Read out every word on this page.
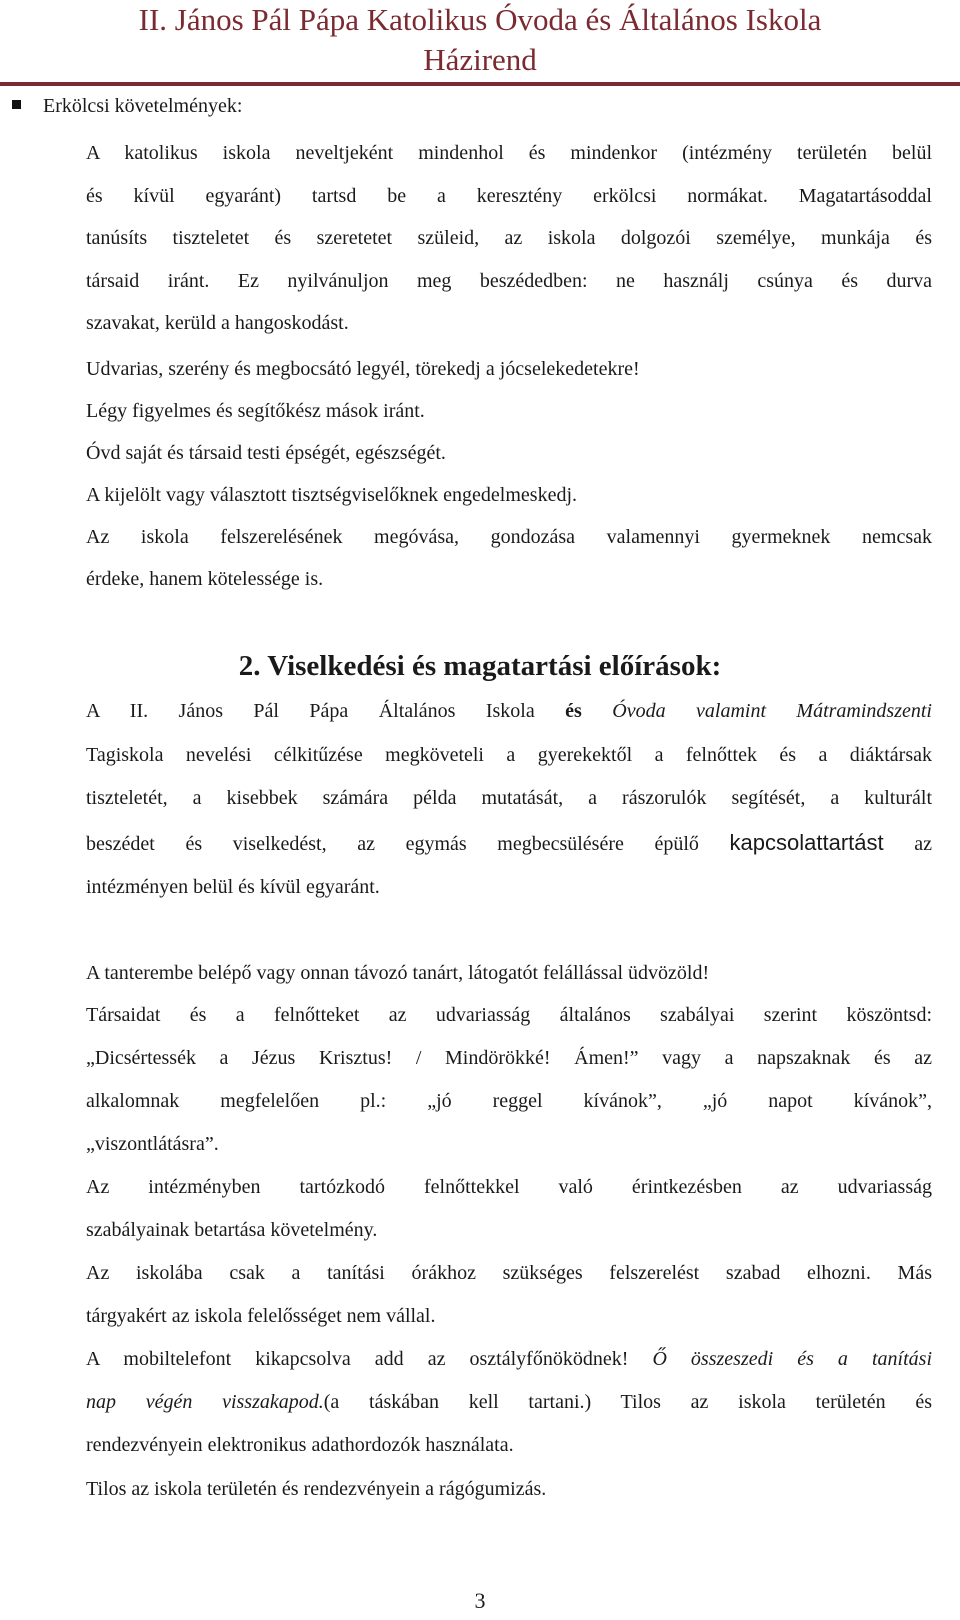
II. János Pál Pápa Katolikus Óvoda és Általános Iskola
Házirend
Erkölcsi követelmények:
A katolikus iskola neveltjeként mindenhol és mindenkor (intézmény területén belül
és kívül egyaránt) tartsd be a keresztény erkölcsi normákat. Magatartásoddal
tanúsíts tiszteletet és szeretetet szüleid, az iskola dolgozói személye, munkája és
társaid iránt. Ez nyilvánuljon meg beszédedben: ne használj csúnya és durva
szavakat, kerüld a hangoskodást.
Udvarias, szerény és megbocsátó legyél, törekedj a jócselekedetekre!
Légy figyelmes és segítőkész mások iránt.
Óvd saját és társaid testi épségét, egészségét.
A kijelölt vagy választott tisztségviselőknek engedelmeskedj.
Az iskola felszerelésének megóvása, gondozása valamennyi gyermeknek nemcsak
érdeke, hanem kötelessége is.
2. Viselkedési és magatartási előírások:
A II. János Pál Pápa Általános Iskola és Óvoda valamint Mátramindszenti
Tagiskola nevelési célkitűzése megköveteli a gyerekektől a felnőttek és a diáktársak
tiszteletét, a kisebbek számára példa mutatását, a rászorulók segítését, a kulturált
beszédet és viselkedést, az egymás megbecsülésére épülő kapcsolattartást az
intézményen belül és kívül egyaránt.
A tanterembe belépő vagy onnan távozó tanárt, látogatót felállással üdvözöld!
Társaidat és a felnőtteket az udvariasság általános szabályai szerint köszöntsd:
„Dicsértessék a Jézus Krisztus! / Mindörökké! Ámen!” vagy a napszaknak és az
alkalomnak megfelelően pl.: „jó reggel kívánok”, „jó napot kívánok”,
„viszontlátásra”.
Az intézményben tartózkodó felnőttekkel való érintkezésben az udvariasság
szabályainak betartása követelmény.
Az iskolába csak a tanítási órákhoz szükséges felszerelést szabad elhozni. Más
tárgyakért az iskola felelősséget nem vállal.
A mobiltelefont kikapcsolva add az osztályfőnöködnek! Ő összeszedi és a tanítási
nap végén visszakapod.(a táskában kell tartani.) Tilos az iskola területén és
rendezvényein elektronikus adathordozók használata.
Tilos az iskola területén és rendezvényein a rágógumizás.
3
